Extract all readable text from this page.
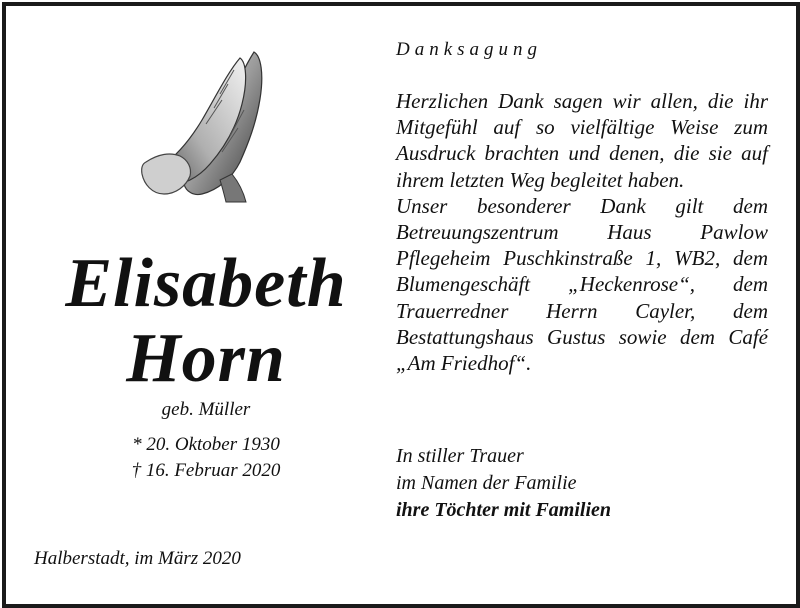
Elisabeth
Horn
geb. Müller
* 20. Oktober 1930
† 16. Februar 2020
Halberstadt, im März 2020
Danksagung
Herzlichen Dank sagen wir allen, die ihr Mitgefühl auf so vielfältige Weise zum Ausdruck brachten und denen, die sie auf ihrem letzten Weg begleitet haben.
Unser besonderer Dank gilt dem Betreuungszentrum Haus Pawlow Pflegeheim Puschkinstraße 1, WB2, dem Blumengeschäft „Heckenrose“, dem Trauerredner Herrn Cayler, dem Bestattungshaus Gustus sowie dem Café „Am Friedhof“.
In stiller Trauer
im Namen der Familie
ihre Töchter mit Familien
